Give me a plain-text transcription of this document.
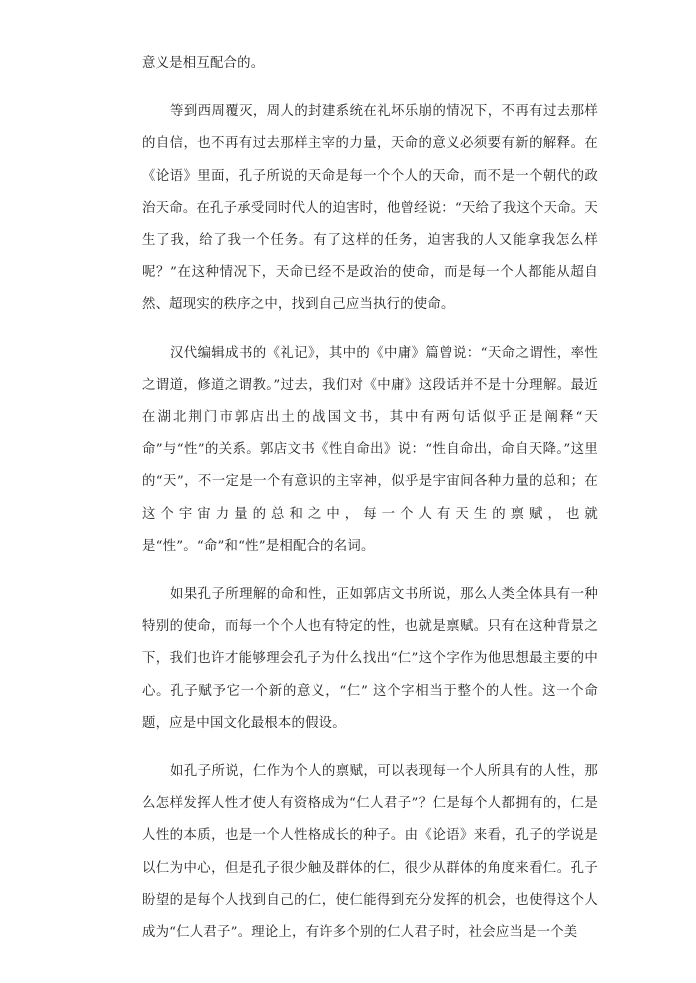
意义是相互配合的。

等到西周覆灭，周人的封建系统在礼坏乐崩的情况下，不再有过去那样的自信，也不再有过去那样主宰的力量，天命的意义必须要有新的解释。在《论语》里面，孔子所说的天命是每一个个人的天命，而不是一个朝代的政治天命。在孔子承受同时代人的迫害时，他曾经说：“天给了我这个天命。天生了我，给了我一个任务。有了这样的任务，迫害我的人又能拿我怎么样呢？”在这种情况下，天命已经不是政治的使命，而是每一个人都能从超自然、超现实的秩序之中，找到自己应当执行的使命。

汉代编辑成书的《礼记》，其中的《中庸》篇曾说：“天命之谓性，率性之谓道，修道之谓教。”过去，我们对《中庸》这段话并不是十分理解。最近在湖北荆门市郭店出土的战国文书，其中有两句话似乎正是阐释“天命”与“性”的关系。郭店文书《性自命出》说：“性自命出，命自天降。”这里的“天”，不一定是一个有意识的主宰神，似乎是宇宙间各种力量的总和；在这个宇宙力量的总和之中，每一个人有天生的禀赋，也就是“性”。“命”和“性”是相配合的名词。

如果孔子所理解的命和性，正如郭店文书所说，那么人类全体具有一种特别的使命，而每一个个人也有特定的性，也就是禀赋。只有在这种背景之下，我们也许才能够理会孔子为什么找出“仁”这个字作为他思想最主要的中心。孔子赋予它一个新的意义，“仁” 这个字相当于整个的人性。这一个命题，应是中国文化最根本的假设。

如孔子所说，仁作为个人的禀赋，可以表现每一个人所具有的人性，那么怎样发挥人性才使人有资格成为“仁人君子”？仁是每个人都拥有的，仁是人性的本质，也是一个人性格成长的种子。由《论语》来看，孔子的学说是以仁为中心，但是孔子很少触及群体的仁，很少从群体的角度来看仁。孔子盼望的是每个人找到自己的仁，使仁能得到充分发挥的机会，也使得这个人成为“仁人君子”。理论上，有许多个别的仁人君子时，社会应当是一个美
